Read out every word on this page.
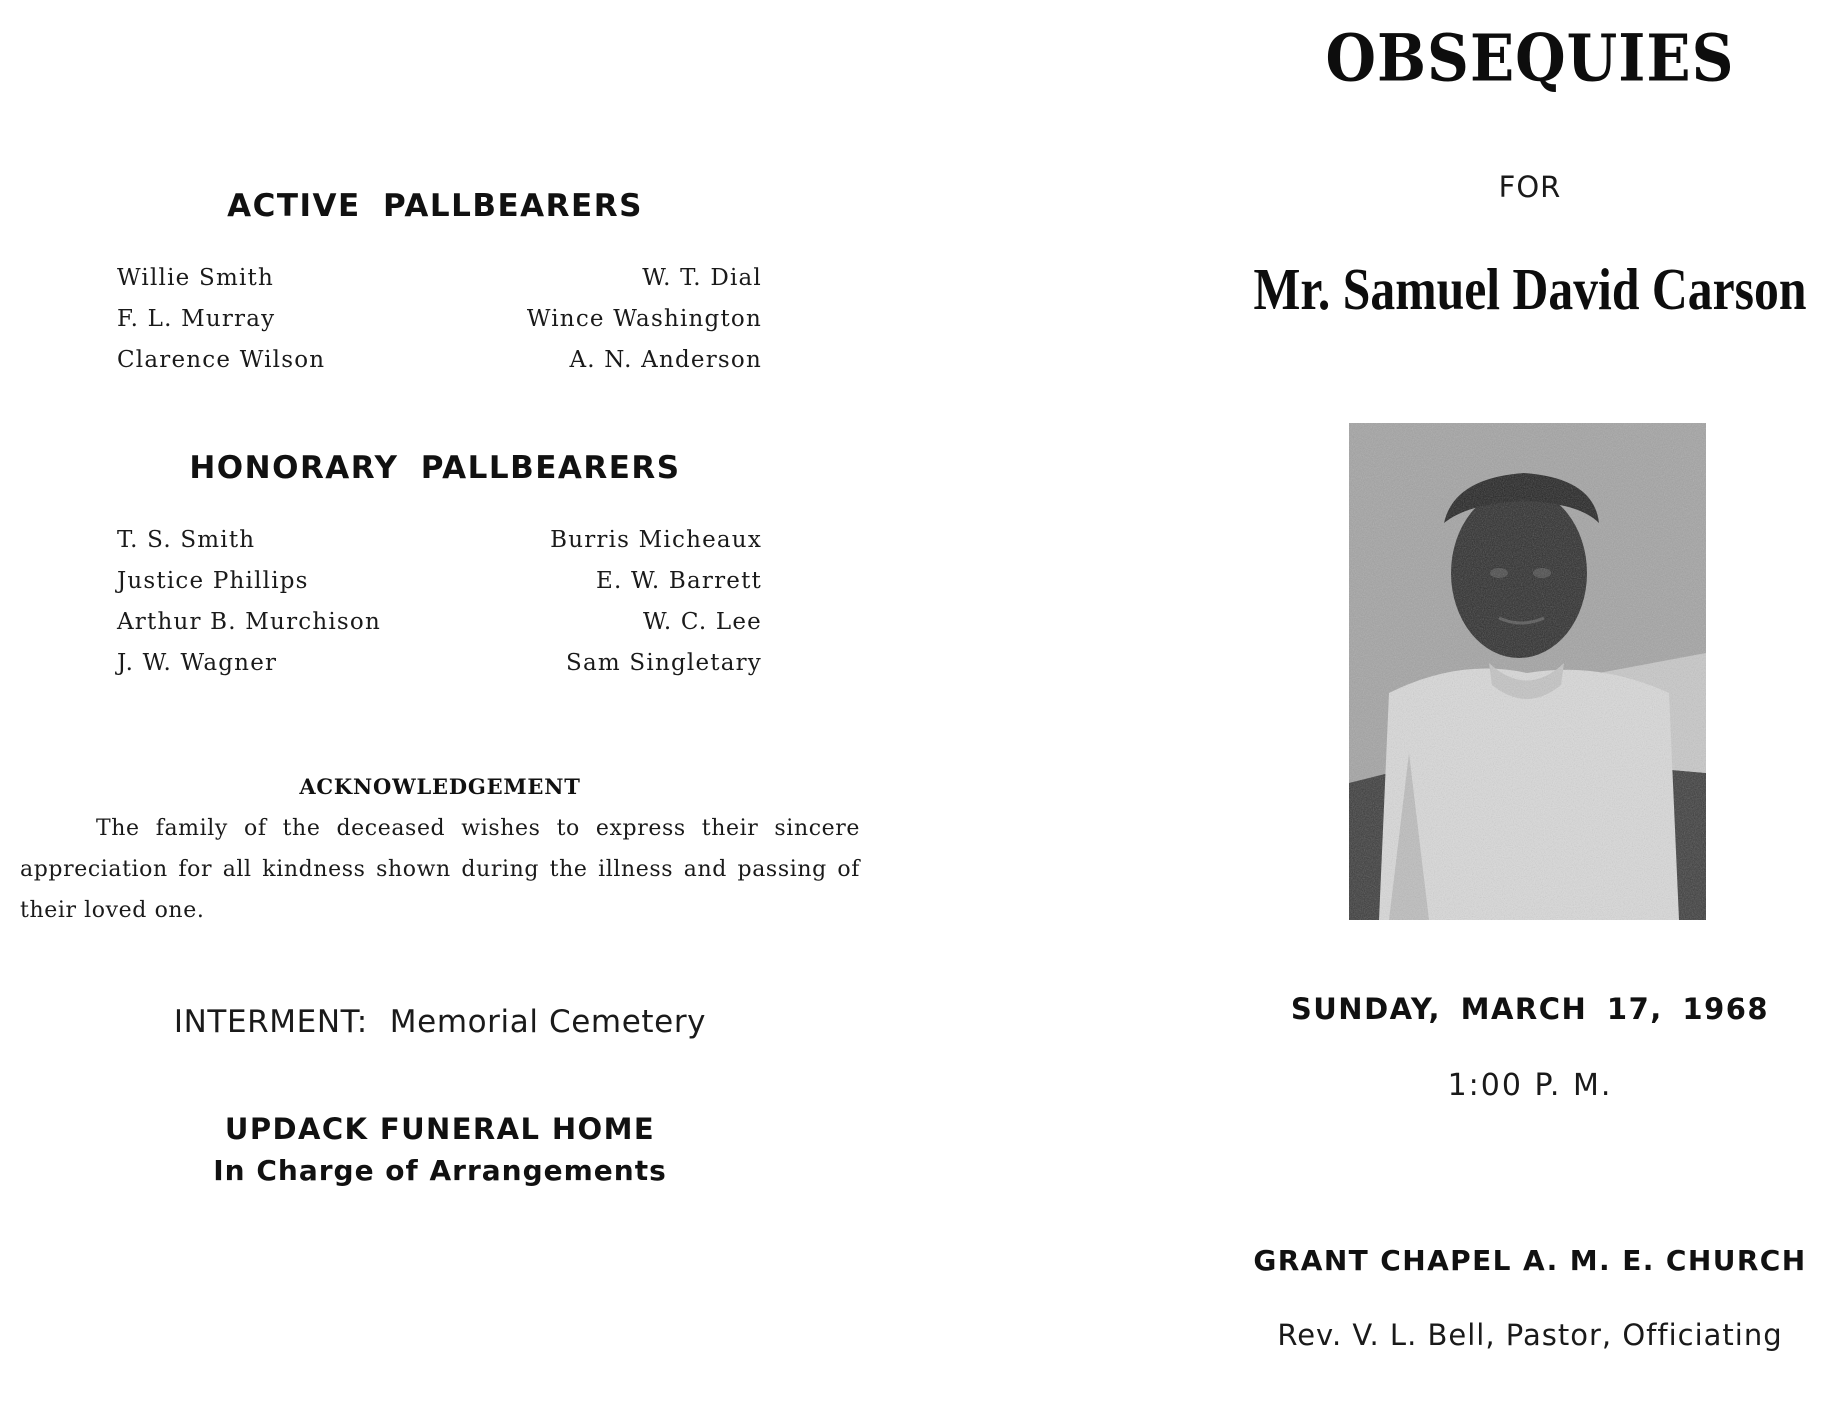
ACTIVE PALLBEARERS
Willie Smith
F. L. Murray
Clarence Wilson
W. T. Dial
Wince Washington
A. N. Anderson
HONORARY PALLBEARERS
T. S. Smith
Justice Phillips
Arthur B. Murchison
J. W. Wagner
Burris Micheaux
E. W. Barrett
W. C. Lee
Sam Singletary
ACKNOWLEDGEMENT

The family of the deceased wishes to express their sincere appreciation for all kindness shown during the illness and passing of their loved one.

INTERMENT: Memorial Cemetery
UPDACK FUNERAL HOME
In Charge of Arrangements
OBSEQUIES
FOR
Mr. Samuel David Carson
SUNDAY, MARCH 17, 1968
1:00 P. M.
GRANT CHAPEL A. M. E. CHURCH
Rev. V. L. Bell, Pastor, Officiating
